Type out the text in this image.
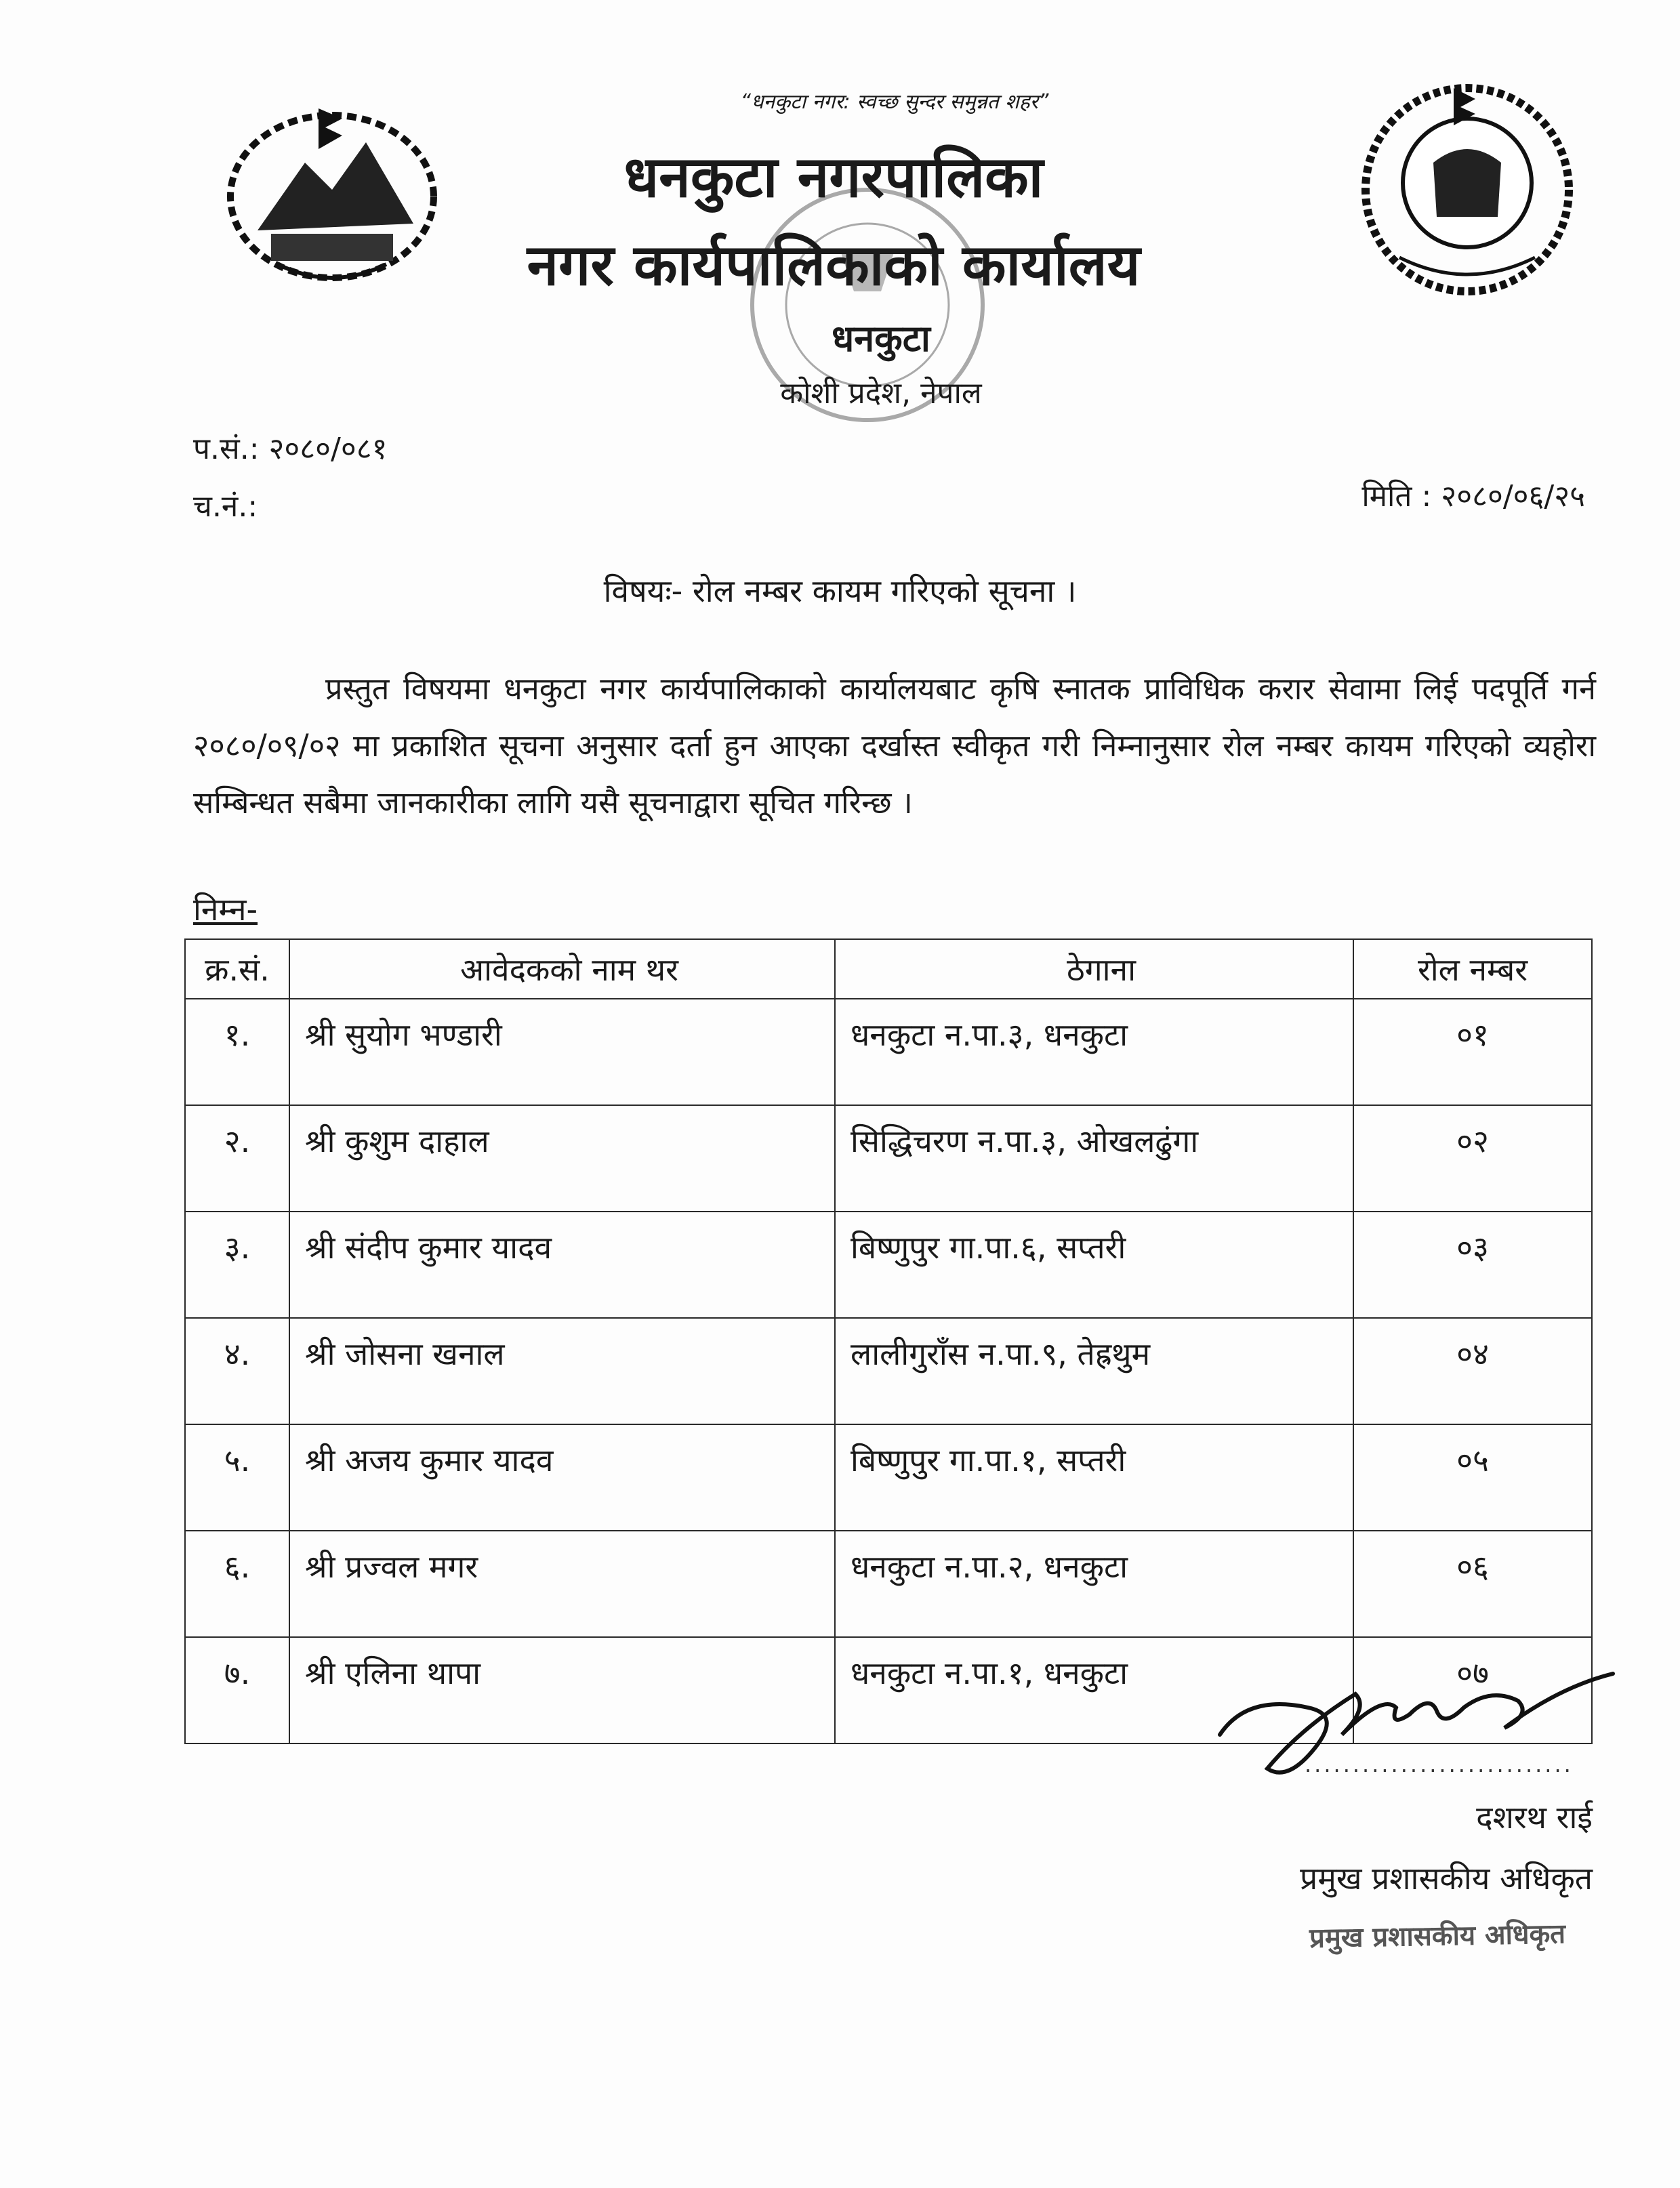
“धनकुटा नगर: स्वच्छ सुन्दर समुन्नत शहर”
धनकुटा नगरपालिका
नगर कार्यपालिकाको कार्यालय
धनकुटा
कोशी प्रदेश, नेपाल
प.सं.: २०८०/०८१
च.नं.:	मिति : २०८०/०६/२५
विषयः- रोल नम्बर कायम गरिएको सूचना ।
प्रस्तुत विषयमा धनकुटा नगर कार्यपालिकाको कार्यालयबाट कृषि स्नातक प्राविधिक करार सेवामा लिई पदपूर्ति गर्न २०८०/०९/०२ मा प्रकाशित सूचना अनुसार दर्ता हुन आएका दर्खास्त स्वीकृत गरी निम्नानुसार रोल नम्बर कायम गरिएको व्यहोरा सम्बिन्धत सबैमा जानकारीका लागि यसै सूचनाद्वारा सूचित गरिन्छ ।
निम्न-
क्र.सं.	आवेदकको नाम थर	ठेगाना	रोल नम्बर
१.	श्री सुयोग भण्डारी	धनकुटा न.पा.३, धनकुटा	०१
२.	श्री कुशुम दाहाल	सिद्धिचरण न.पा.३, ओखलढुंगा	०२
३.	श्री संदीप कुमार यादव	बिष्णुपुर गा.पा.६, सप्तरी	०३
४.	श्री जोसना खनाल	लालीगुराँस न.पा.९, तेह्रथुम	०४
५.	श्री अजय कुमार यादव	बिष्णुपुर गा.पा.१, सप्तरी	०५
६.	श्री प्रज्वल मगर	धनकुटा न.पा.२, धनकुटा	०६
७.	श्री एलिना थापा	धनकुटा न.पा.१, धनकुटा	०७
............................
दशरथ राई
प्रमुख प्रशासकीय अधिकृत
प्रमुख प्रशासकीय अधिकृत
